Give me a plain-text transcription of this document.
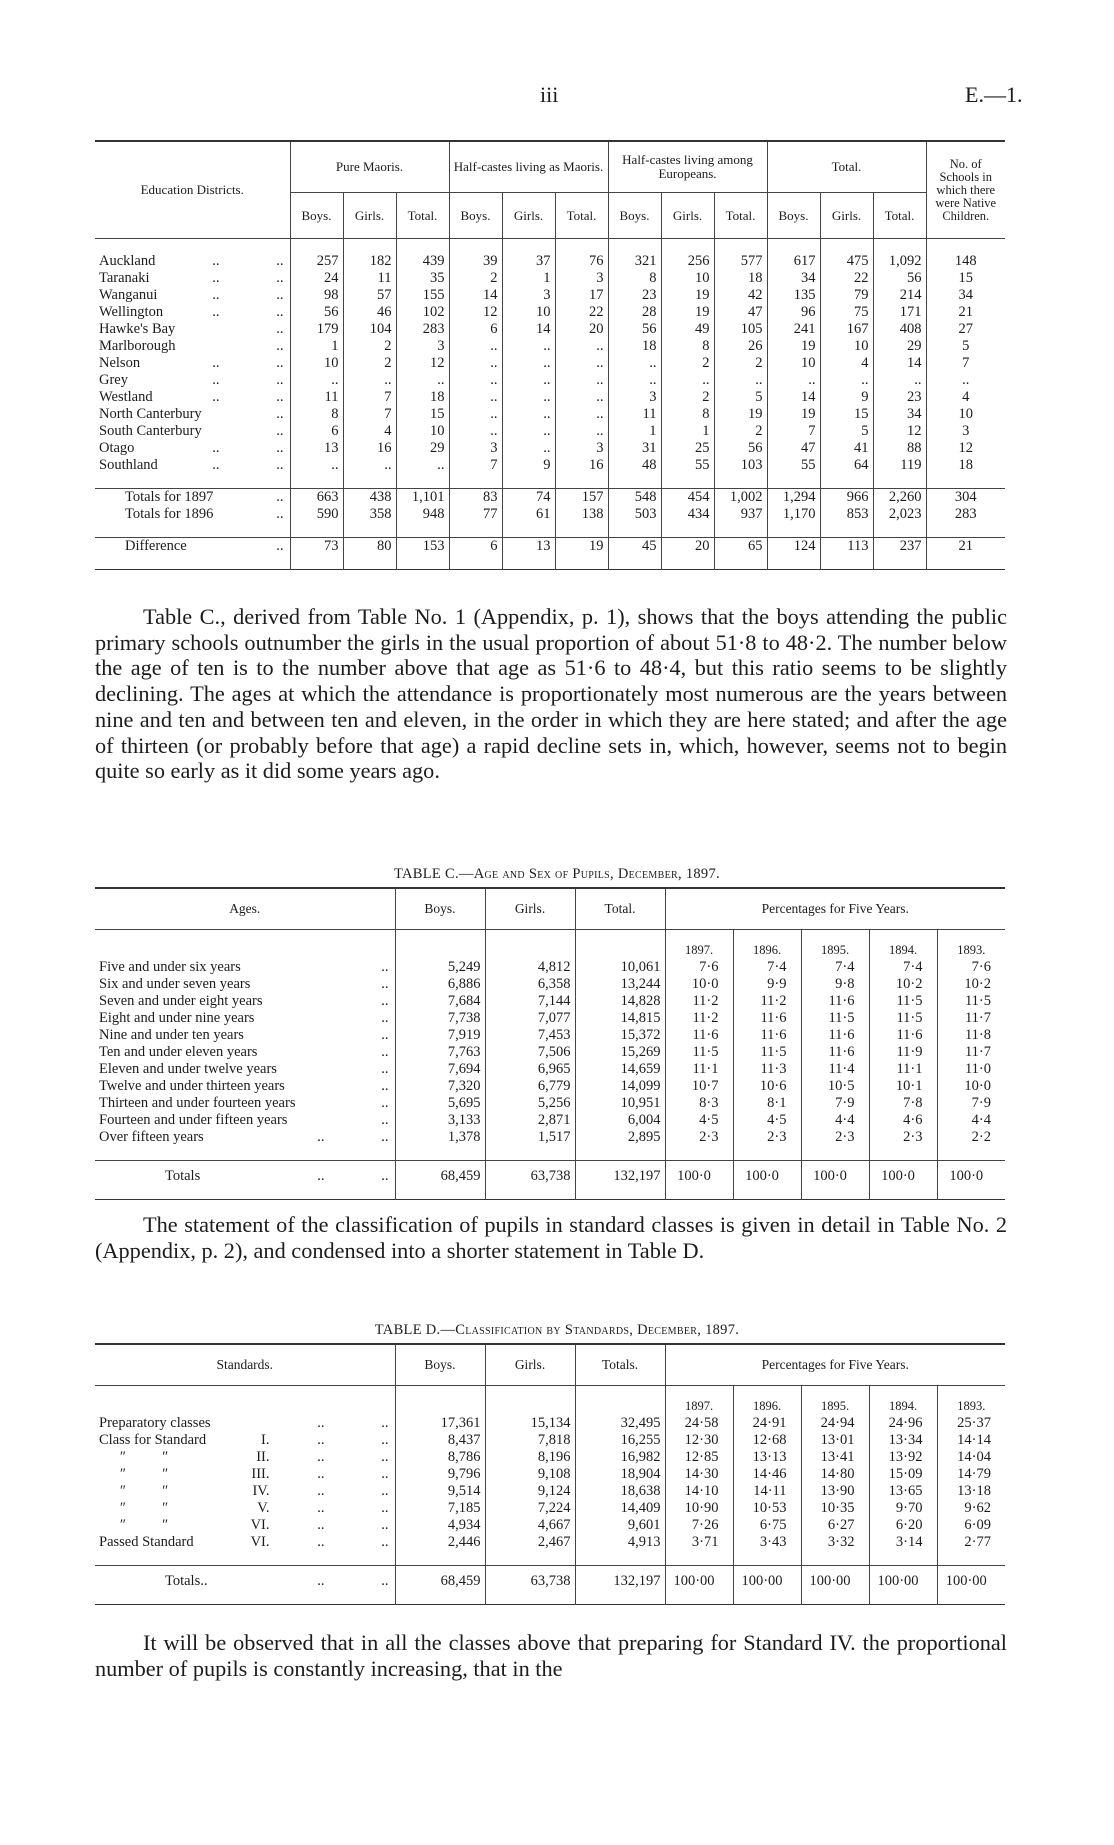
iii	E.—1.
Education Districts.	Pure Maoris.			Half-castes living as Maoris.			Half-castes living among Europeans.			Total.			No. of Schools in which there were Native Children.
	Boys.	Girls.	Total.	Boys.	Girls.	Total.	Boys.	Girls.	Total.	Boys.	Girls.	Total.	

Auckland .. ..	257	182	439	39	37	76	321	256	577	617	475	1,092	148
Taranaki .. ..	24	11	35	2	1	3	8	10	18	34	22	56	15
Wanganui .. ..	98	57	155	14	3	17	23	19	42	135	79	214	34
Wellington .. ..	56	46	102	12	10	22	28	19	47	96	75	171	21
Hawke's Bay ..	179	104	283	6	14	20	56	49	105	241	167	408	27
Marlborough ..	1	2	3	..	..	..	18	8	26	19	10	29	5
Nelson .. ..	10	2	12	..	..	..	..	2	2	10	4	14	7
Grey .. ..	..	..	..	..	..	..	..	..	..	..	..	..	..
Westland .. ..	11	7	18	..	..	..	3	2	5	14	9	23	4
North Canterbury ..	8	7	15	..	..	..	11	8	19	19	15	34	10
South Canterbury ..	6	4	10	..	..	..	1	1	2	7	5	12	3
Otago .. ..	13	16	29	3	..	3	31	25	56	47	41	88	12
Southland .. ..	..	..	..	7	9	16	48	55	103	55	64	119	18

Totals for 1897 ..	663	438	1,101	83	74	157	548	454	1,002	1,294	966	2,260	304
Totals for 1896 ..	590	358	948	77	61	138	503	434	937	1,170	853	2,023	283

Difference ..	73	80	153	6	13	19	45	20	65	124	113	237	21

Table C., derived from Table No. 1 (Appendix, p. 1), shows that the boys attending the public primary schools outnumber the girls in the usual proportion of about 51·8 to 48·2. The number below the age of ten is to the number above that age as 51·6 to 48·4, but this ratio seems to be slightly declining. The ages at which the attendance is proportionately most numerous are the years between nine and ten and between ten and eleven, in the order in which they are here stated; and after the age of thirteen (or probably before that age) a rapid decline sets in, which, however, seems not to begin quite so early as it did some years ago.

TABLE C.—Age and Sex of Pupils, December, 1897.
Ages.	Boys.	Girls.	Total.	Percentages for Five Years.				

				1897.	1896.	1895.	1894.	1893.
Five and under six years ..	5,249	4,812	10,061	7·6	7·4	7·4	7·4	7·6
Six and under seven years ..	6,886	6,358	13,244	10·0	9·9	9·8	10·2	10·2
Seven and under eight years ..	7,684	7,144	14,828	11·2	11·2	11·6	11·5	11·5
Eight and under nine years ..	7,738	7,077	14,815	11·2	11·6	11·5	11·5	11·7
Nine and under ten years ..	7,919	7,453	15,372	11·6	11·6	11·6	11·6	11·8
Ten and under eleven years ..	7,763	7,506	15,269	11·5	11·5	11·6	11·9	11·7
Eleven and under twelve years ..	7,694	6,965	14,659	11·1	11·3	11·4	11·1	11·0
Twelve and under thirteen years ..	7,320	6,779	14,099	10·7	10·6	10·5	10·1	10·0
Thirteen and under fourteen years ..	5,695	5,256	10,951	8·3	8·1	7·9	7·8	7·9
Fourteen and under fifteen years ..	3,133	2,871	6,004	4·5	4·5	4·4	4·6	4·4
Over fifteen years .. ..	1,378	1,517	2,895	2·3	2·3	2·3	2·3	2·2

Totals .. ..	68,459	63,738	132,197	100·0	100·0	100·0	100·0	100·0

The statement of the classification of pupils in standard classes is given in detail in Table No. 2 (Appendix, p. 2), and condensed into a shorter statement in Table D.

TABLE D.—Classification by Standards, December, 1897.
Standards.	Boys.	Girls.	Totals.	Percentages for Five Years.				

				1897.	1896.	1895.	1894.	1893.
Preparatory classes .. ..	17,361	15,134	32,495	24·58	24·91	24·94	24·96	25·37
Class for Standard I. .. ..	8,437	7,818	16,255	12·30	12·68	13·01	13·34	14·14
″          ″ II. .. ..	8,786	8,196	16,982	12·85	13·13	13·41	13·92	14·04
″          ″ III. .. ..	9,796	9,108	18,904	14·30	14·46	14·80	15·09	14·79
″          ″ IV. .. ..	9,514	9,124	18,638	14·10	14·11	13·90	13·65	13·18
″          ″ V. .. ..	7,185	7,224	14,409	10·90	10·53	10·35	9·70	9·62
″          ″ VI. .. ..	4,934	4,667	9,601	7·26	6·75	6·27	6·20	6·09
Passed Standard VI. .. ..	2,446	2,467	4,913	3·71	3·43	3·32	3·14	2·77

Totals.. .. ..	68,459	63,738	132,197	100·00	100·00	100·00	100·00	100·00

It will be observed that in all the classes above that preparing for Standard IV. the proportional number of pupils is constantly increasing, that in the
